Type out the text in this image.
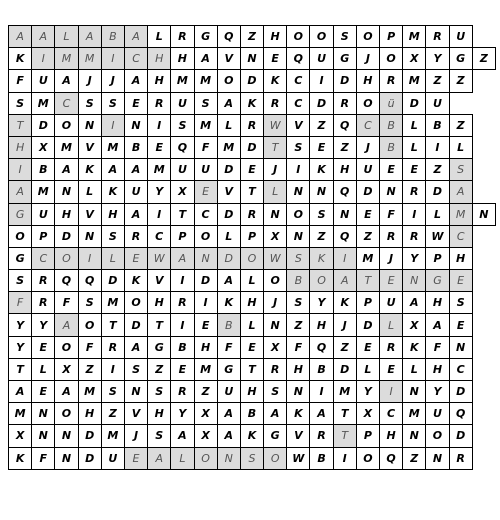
A	A	L	A	B	A	L	R	G	Q	Z	H	O	O	S	O	P	M	R	U	
K	I	M	M	I	C	H	H	A	V	N	E	Q	U	G	J	O	X	Y	G	Z
F	U	A	J	J	A	H	M	M	O	D	K	C	I	D	H	R	M	Z	Z	
S	M	C	S	S	E	R	U	S	A	K	R	C	D	R	O	ü	D	U		
T	D	O	N	I	N	I	S	M	L	R	W	V	Z	Q	C	B	L	B	Z	
H	X	M	V	M	B	E	Q	F	M	D	T	S	E	Z	J	B	L	I	L	
I	B	A	K	A	A	M	U	U	D	E	J	I	K	H	U	E	E	Z	S	
A	M	N	L	K	U	Y	X	E	V	T	L	N	N	Q	D	N	R	D	A	
G	U	H	V	H	A	I	T	C	D	R	N	O	S	N	E	F	I	L	M	N
O	P	D	N	S	R	C	P	O	L	P	X	N	Z	Q	Z	R	R	W	C	
G	C	O	I	L	E	W	A	N	D	O	W	S	K	I	M	J	Y	P	H	
S	R	Q	Q	D	K	V	I	D	A	L	O	B	O	A	T	E	N	G	E	
F	R	F	S	M	O	H	R	I	K	H	J	S	Y	K	P	U	A	H	S	
Y	Y	A	O	T	D	T	I	E	B	L	N	Z	H	J	D	L	X	A	E	
Y	E	O	F	R	A	G	B	H	F	E	X	F	Q	Z	E	R	K	F	N	
T	L	X	Z	I	S	Z	E	M	G	T	R	H	B	D	L	E	L	H	C	
A	E	A	M	S	N	S	R	Z	U	H	S	N	I	M	Y	I	N	Y	D	
M	N	O	H	Z	V	H	Y	X	A	B	A	K	A	T	X	C	M	U	Q	
X	N	N	D	M	J	S	A	X	A	K	G	V	R	T	P	H	N	O	D	
K	F	N	D	U	E	A	L	O	N	S	O	W	B	I	O	Q	Z	N	R	
